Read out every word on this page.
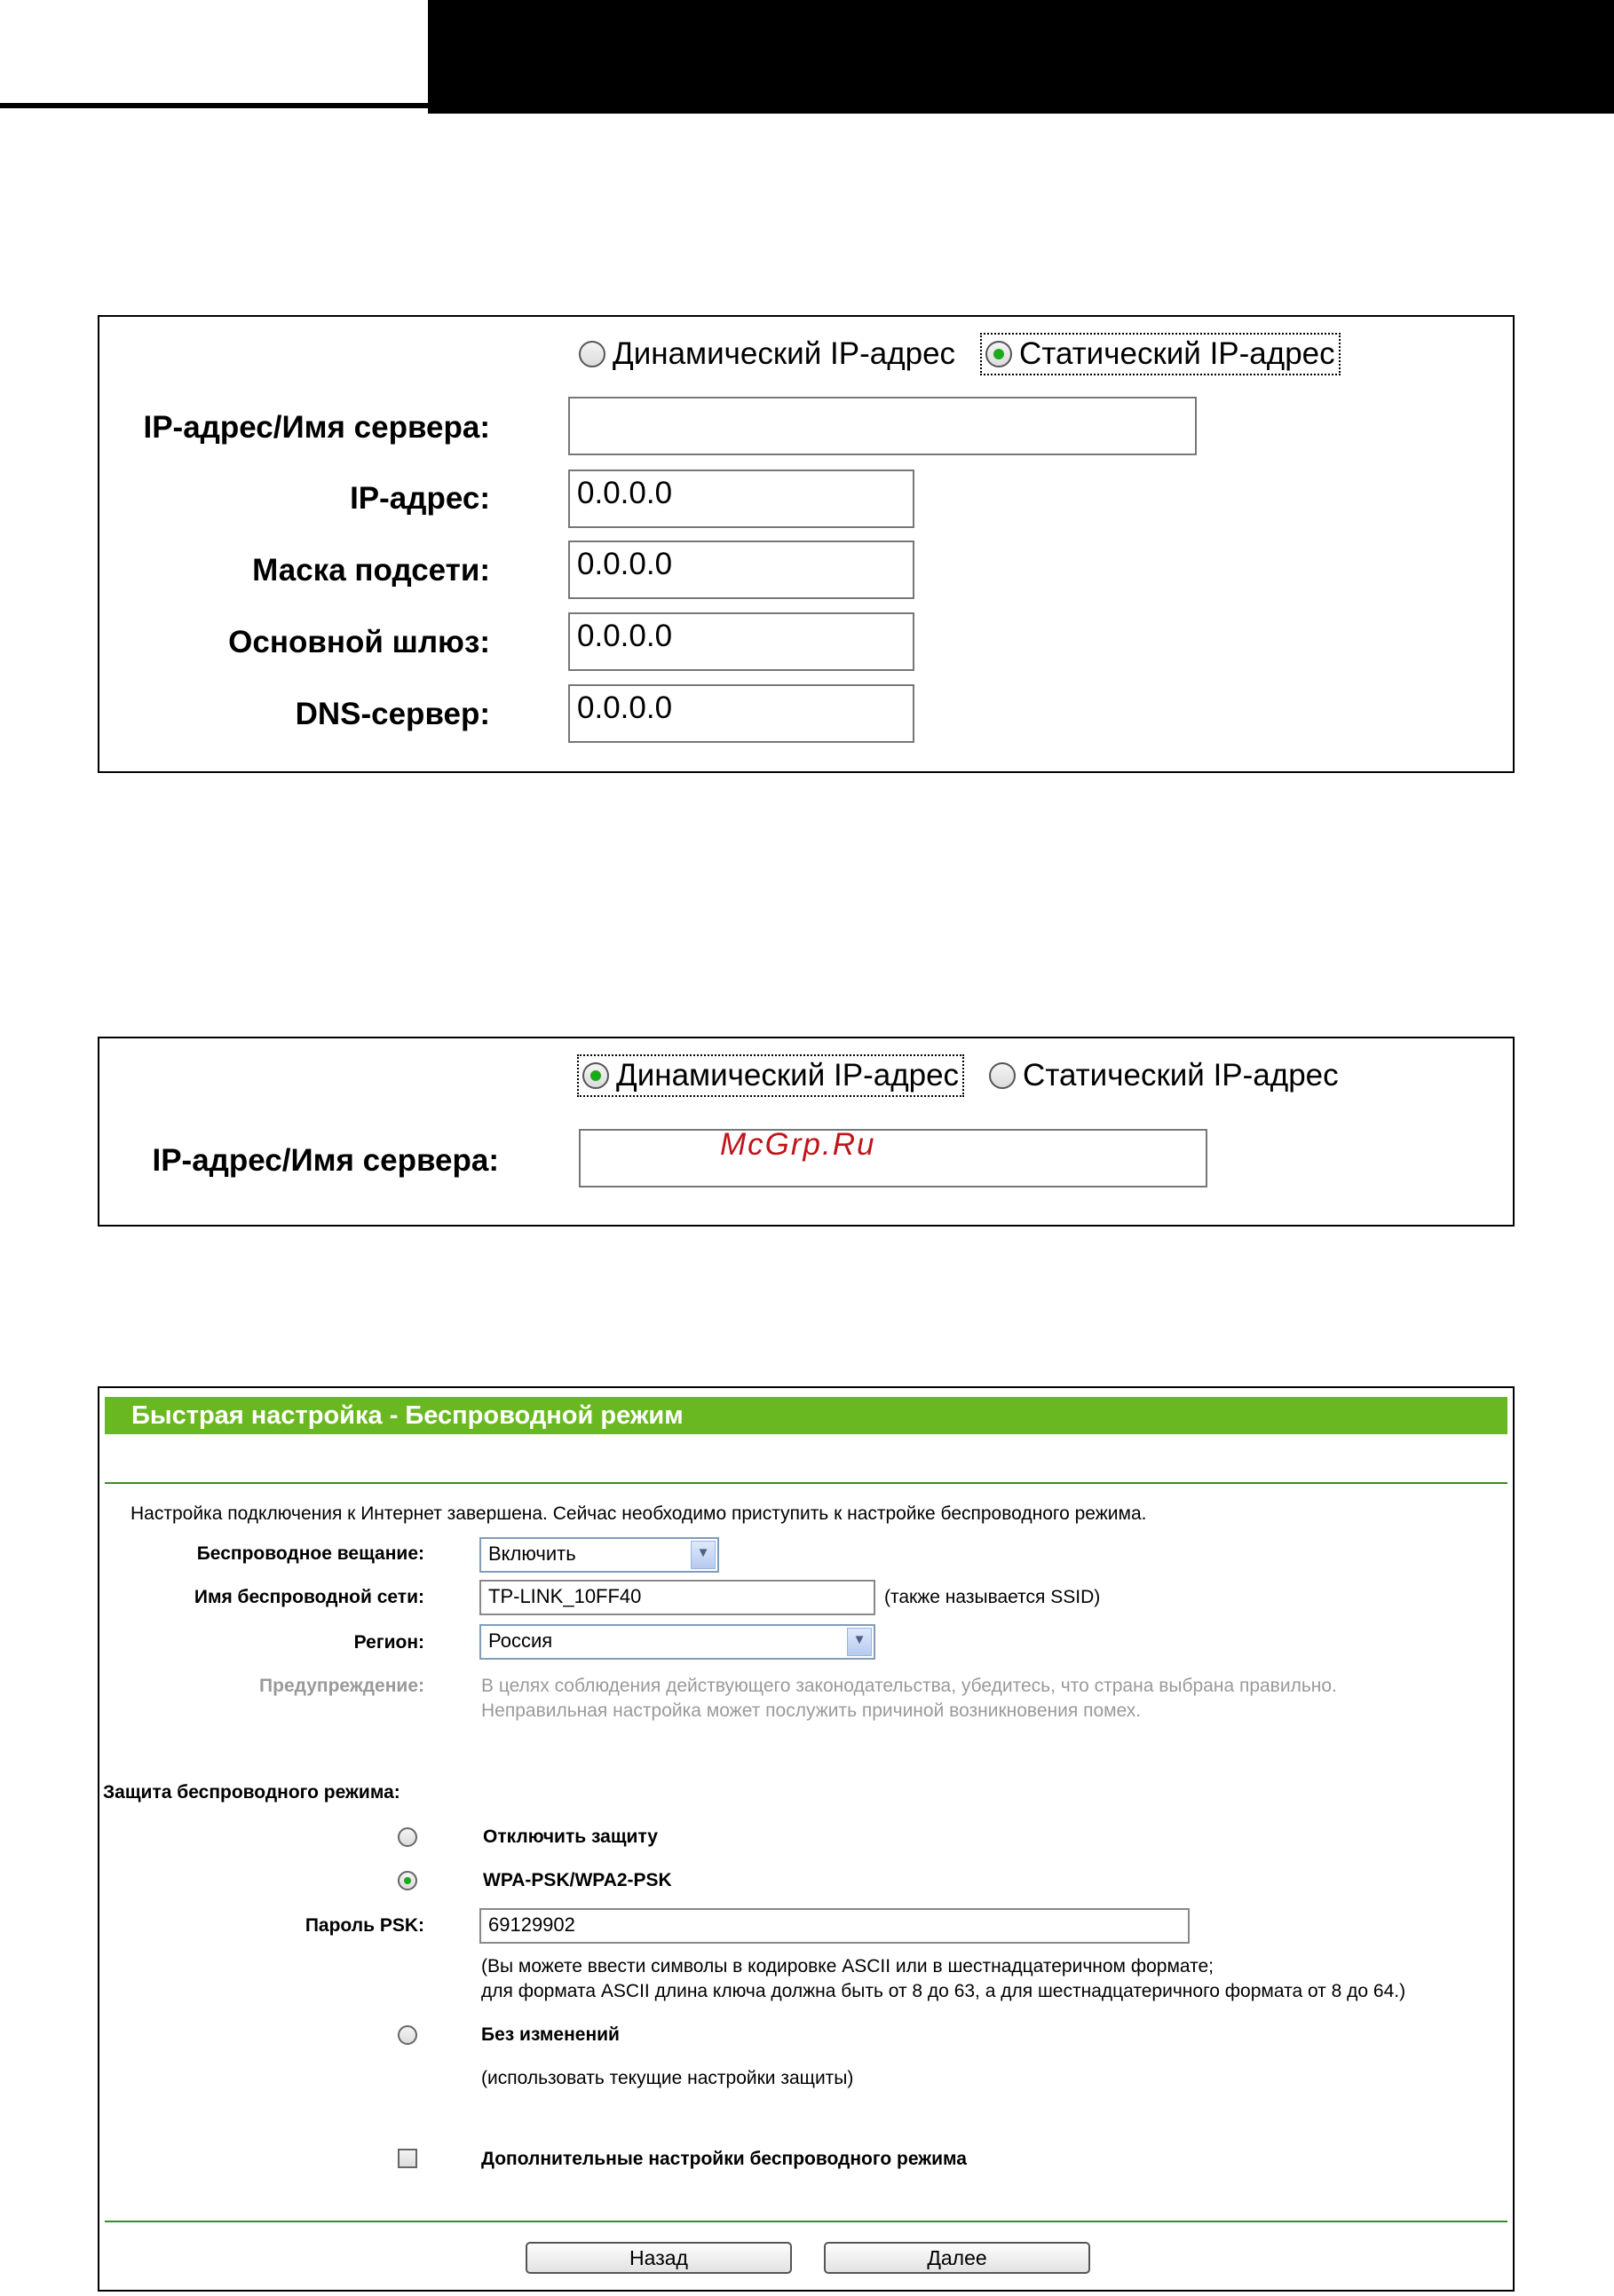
Динамический IP-адрес Статический IP-адрес
IP-адрес/Имя сервера:
IP-адрес:	0.0.0.0
Маска подсети:	0.0.0.0
Основной шлюз:	0.0.0.0
DNS-сервер:	0.0.0.0
Динамический IP-адрес Статический IP-адрес
IP-адрес/Имя сервера:	McGrp.Ru
Быстрая настройка - Беспроводной режим
Настройка подключения к Интернет завершена. Сейчас необходимо приступить к настройке беспроводного режима.
Беспроводное вещание:	Включить	▼
Имя беспроводной сети:	TP-LINK_10FF40	(также называется SSID)
Регион:	Россия	▼
Предупреждение:	В целях соблюдения действующего законодательства, убедитесь, что страна выбрана правильно.
Неправильная настройка может послужить причиной возникновения помех.
Защита беспроводного режима:
Отключить защиту
WPA-PSK/WPA2-PSK
Пароль PSK:	69129902
(Вы можете ввести символы в кодировке ASCII или в шестнадцатеричном формате;
для формата ASCII длина ключа должна быть от 8 до 63, а для шестнадцатеричного формата от 8 до 64.)
Без изменений
(использовать текущие настройки защиты)
Дополнительные настройки беспроводного режима
Назад	Далее
